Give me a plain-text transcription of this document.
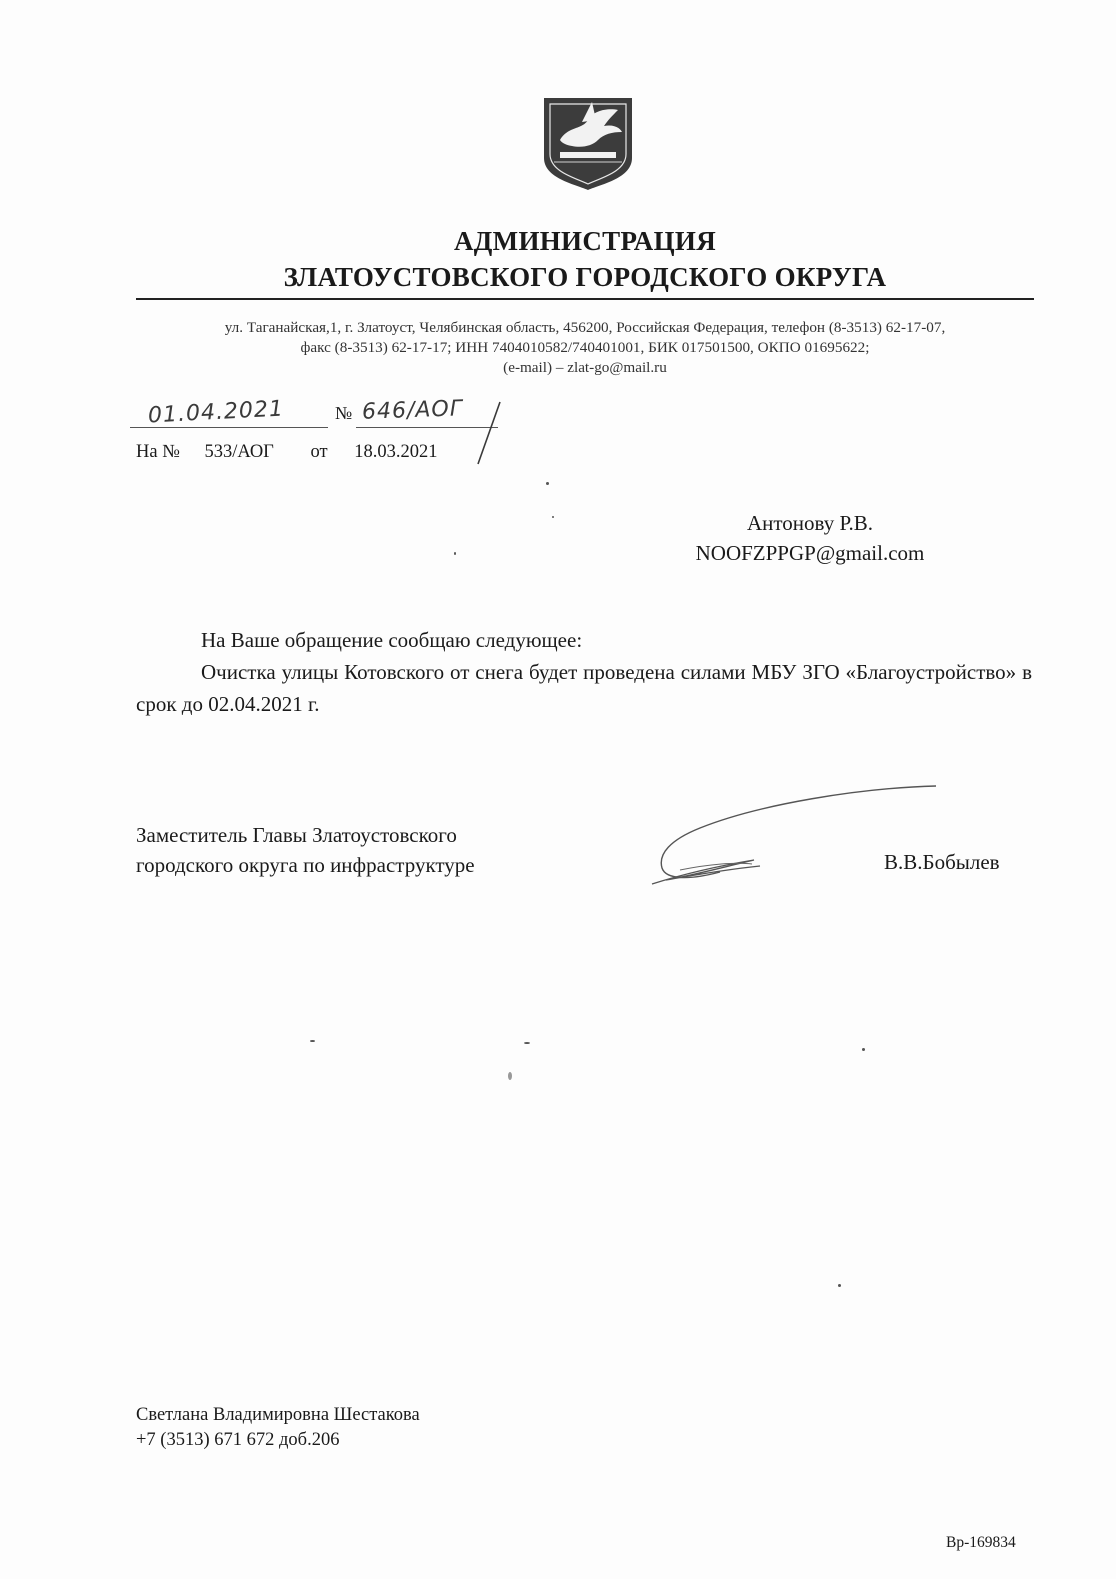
АДМИНИСТРАЦИЯ
ЗЛАТОУСТОВСКОГО ГОРОДСКОГО ОКРУГА
ул. Таганайская,1, г. Златоуст, Челябинская область, 456200, Российская Федерация, телефон (8-3513) 62-17-07,
факс (8-3513) 62-17-17; ИНН 7404010582/740401001, БИК 017501500, ОКПО 01695622;
(e-mail) – zlat-go@mail.ru
01.04.2021	№ 646/АОГ
На № 533/АОГ от 18.03.2021
Антонову Р.В.
NOOFZPPGP@gmail.com

На Ваше обращение сообщаю следующее:

Очистка улицы Котовского от снега будет проведена силами МБУ ЗГО «Благоустройство» в срок до 02.04.2021 г.

Заместитель Главы Златоустовского
городского округа по инфраструктуре	В.В.Бобылев
Светлана Владимировна Шестакова
+7 (3513) 671 672 доб.206
Вр-169834
